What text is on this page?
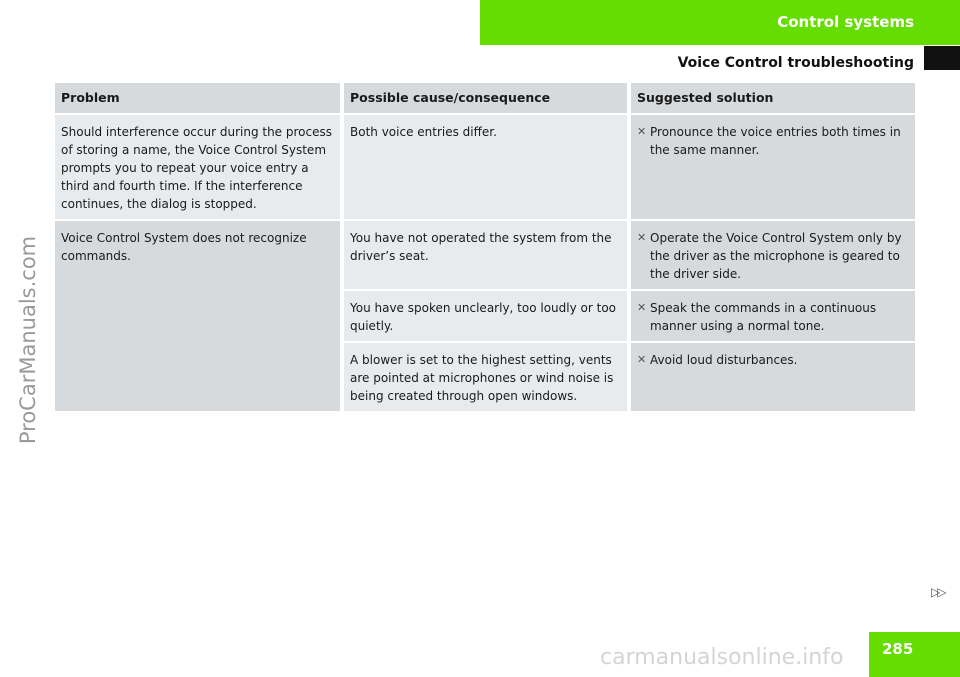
Control systems
Voice Control troubleshooting
ProCarManuals.com
Problem	Possible cause/consequence	Suggested solution
Should interference occur during the process of storing a name, the Voice Control System prompts you to repeat your voice entry a third and fourth time. If the interference continues, the dialog is stopped.	Both voice entries differ.	✕ Pronounce the voice entries both times in the same manner.

Voice Control System does not recognize commands.	You have not operated the system from the driver’s seat.	✕ Operate the Voice Control System only by the driver as the microphone is geared to the driver side.

	You have spoken unclearly, too loudly or too quietly.	✕ Speak the commands in a continuous manner using a normal tone.

	A blower is set to the highest setting, vents are pointed at microphones or wind noise is being created through open windows.	✕ Avoid loud disturbances.
▷▷
285
carmanualsonline.info
